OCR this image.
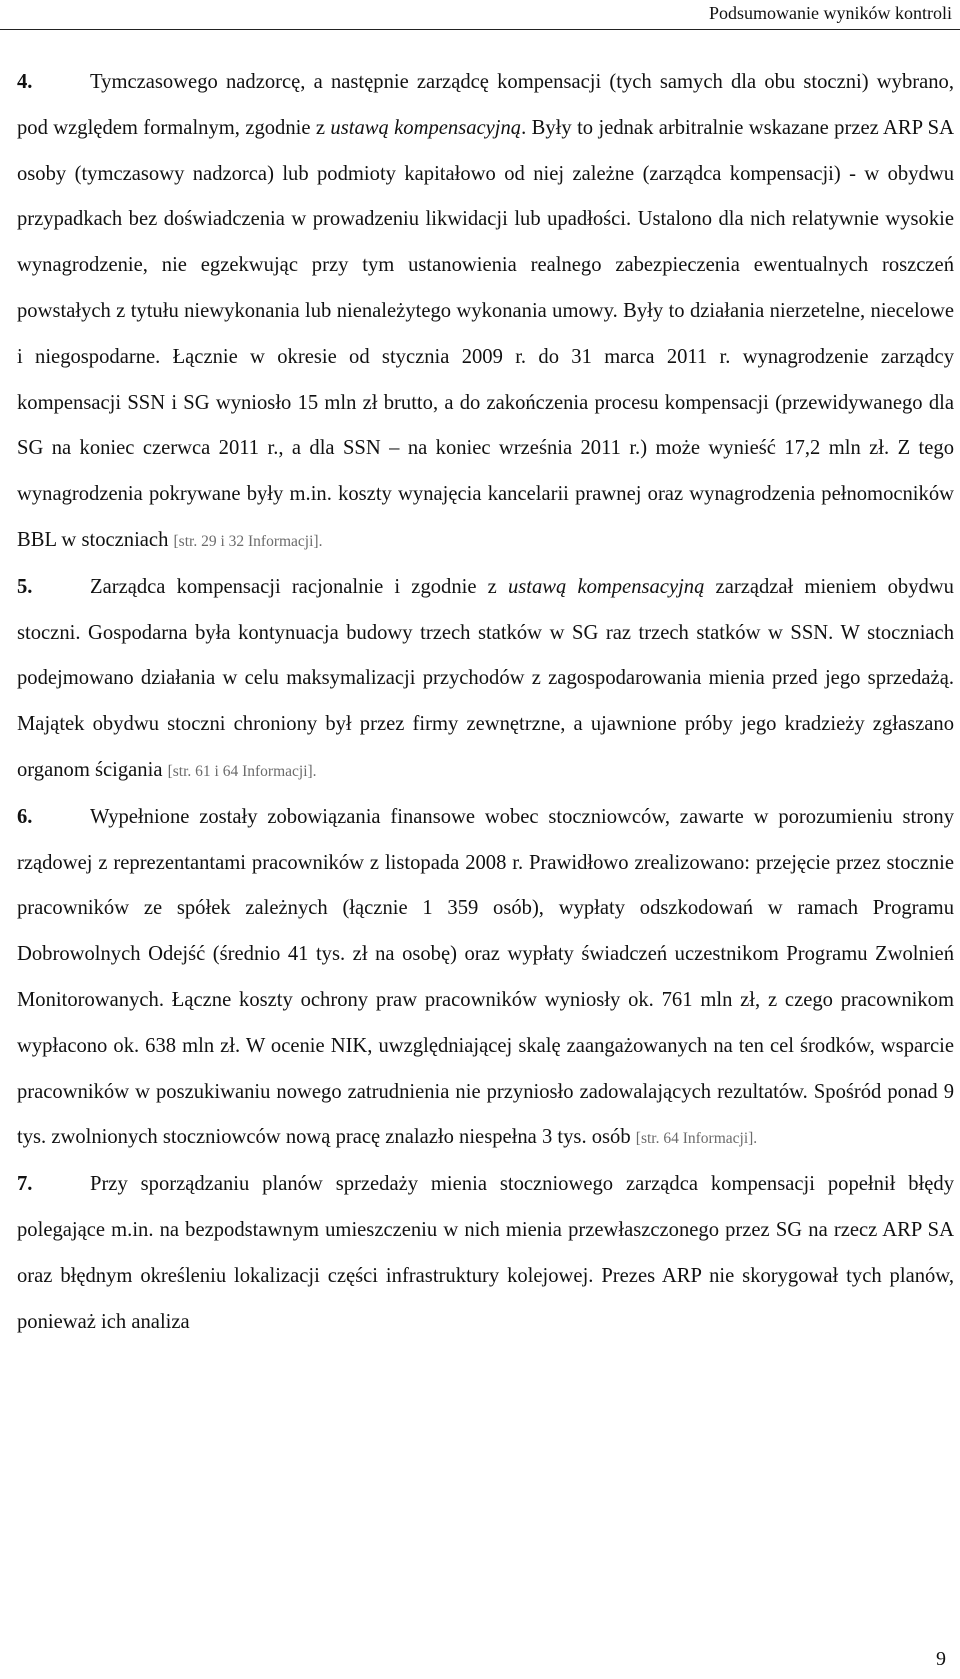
Podsumowanie wyników kontroli

4.	Tymczasowego nadzorcę, a następnie zarządcę kompensacji (tych samych dla obu stoczni) wybrano, pod względem formalnym, zgodnie z ustawą kompensacyjną. Były to jednak arbitralnie wskazane przez ARP SA osoby (tymczasowy nadzorca) lub podmioty kapitałowo od niej zależne (zarządca kompensacji) - w obydwu przypadkach bez doświadczenia w prowadzeniu likwidacji lub upadłości. Ustalono dla nich relatywnie wysokie wynagrodzenie, nie egzekwując przy tym ustanowienia realnego zabezpieczenia ewentualnych roszczeń powstałych z tytułu niewykonania lub nienależytego wykonania umowy. Były to działania nierzetelne, niecelowe i niegospodarne. Łącznie w okresie od stycznia 2009 r. do 31 marca 2011 r. wynagrodzenie zarządcy kompensacji SSN i SG wyniosło 15 mln zł brutto, a do zakończenia procesu kompensacji (przewidywanego dla SG na koniec czerwca 2011 r., a dla SSN – na koniec września 2011 r.) może wynieść 17,2 mln zł. Z tego wynagrodzenia pokrywane były m.in. koszty wynajęcia kancelarii prawnej oraz wynagrodzenia pełnomocników BBL w stoczniach [str. 29 i 32 Informacji].

5.	Zarządca kompensacji racjonalnie i zgodnie z ustawą kompensacyjną zarządzał mieniem obydwu stoczni. Gospodarna była kontynuacja budowy trzech statków w SG raz trzech statków w SSN. W stoczniach podejmowano działania w celu maksymalizacji przychodów z zagospodarowania mienia przed jego sprzedażą. Majątek obydwu stoczni chroniony był przez firmy zewnętrzne, a ujawnione próby jego kradzieży zgłaszano organom ścigania [str. 61 i 64 Informacji].

6.	Wypełnione zostały zobowiązania finansowe wobec stoczniowców, zawarte w porozumieniu strony rządowej z reprezentantami pracowników z listopada 2008 r. Prawidłowo zrealizowano: przejęcie przez stocznie pracowników ze spółek zależnych (łącznie 1 359 osób), wypłaty odszkodowań w ramach Programu Dobrowolnych Odejść (średnio 41 tys. zł na osobę) oraz wypłaty świadczeń uczestnikom Programu Zwolnień Monitorowanych. Łączne koszty ochrony praw pracowników wyniosły ok. 761 mln zł, z czego pracownikom wypłacono ok. 638 mln zł. W ocenie NIK, uwzględniającej skalę zaangażowanych na ten cel środków, wsparcie pracowników w poszukiwaniu nowego zatrudnienia nie przyniosło zadowalających rezultatów. Spośród ponad 9 tys. zwolnionych stoczniowców nową pracę znalazło niespełna 3 tys. osób [str. 64 Informacji].

7.	Przy sporządzaniu planów sprzedaży mienia stoczniowego zarządca kompensacji popełnił błędy polegające m.in. na bezpodstawnym umieszczeniu w nich mienia przewłaszczonego przez SG na rzecz ARP SA oraz błędnym określeniu lokalizacji części infrastruktury kolejowej. Prezes ARP nie skorygował tych planów, ponieważ ich analiza

9
